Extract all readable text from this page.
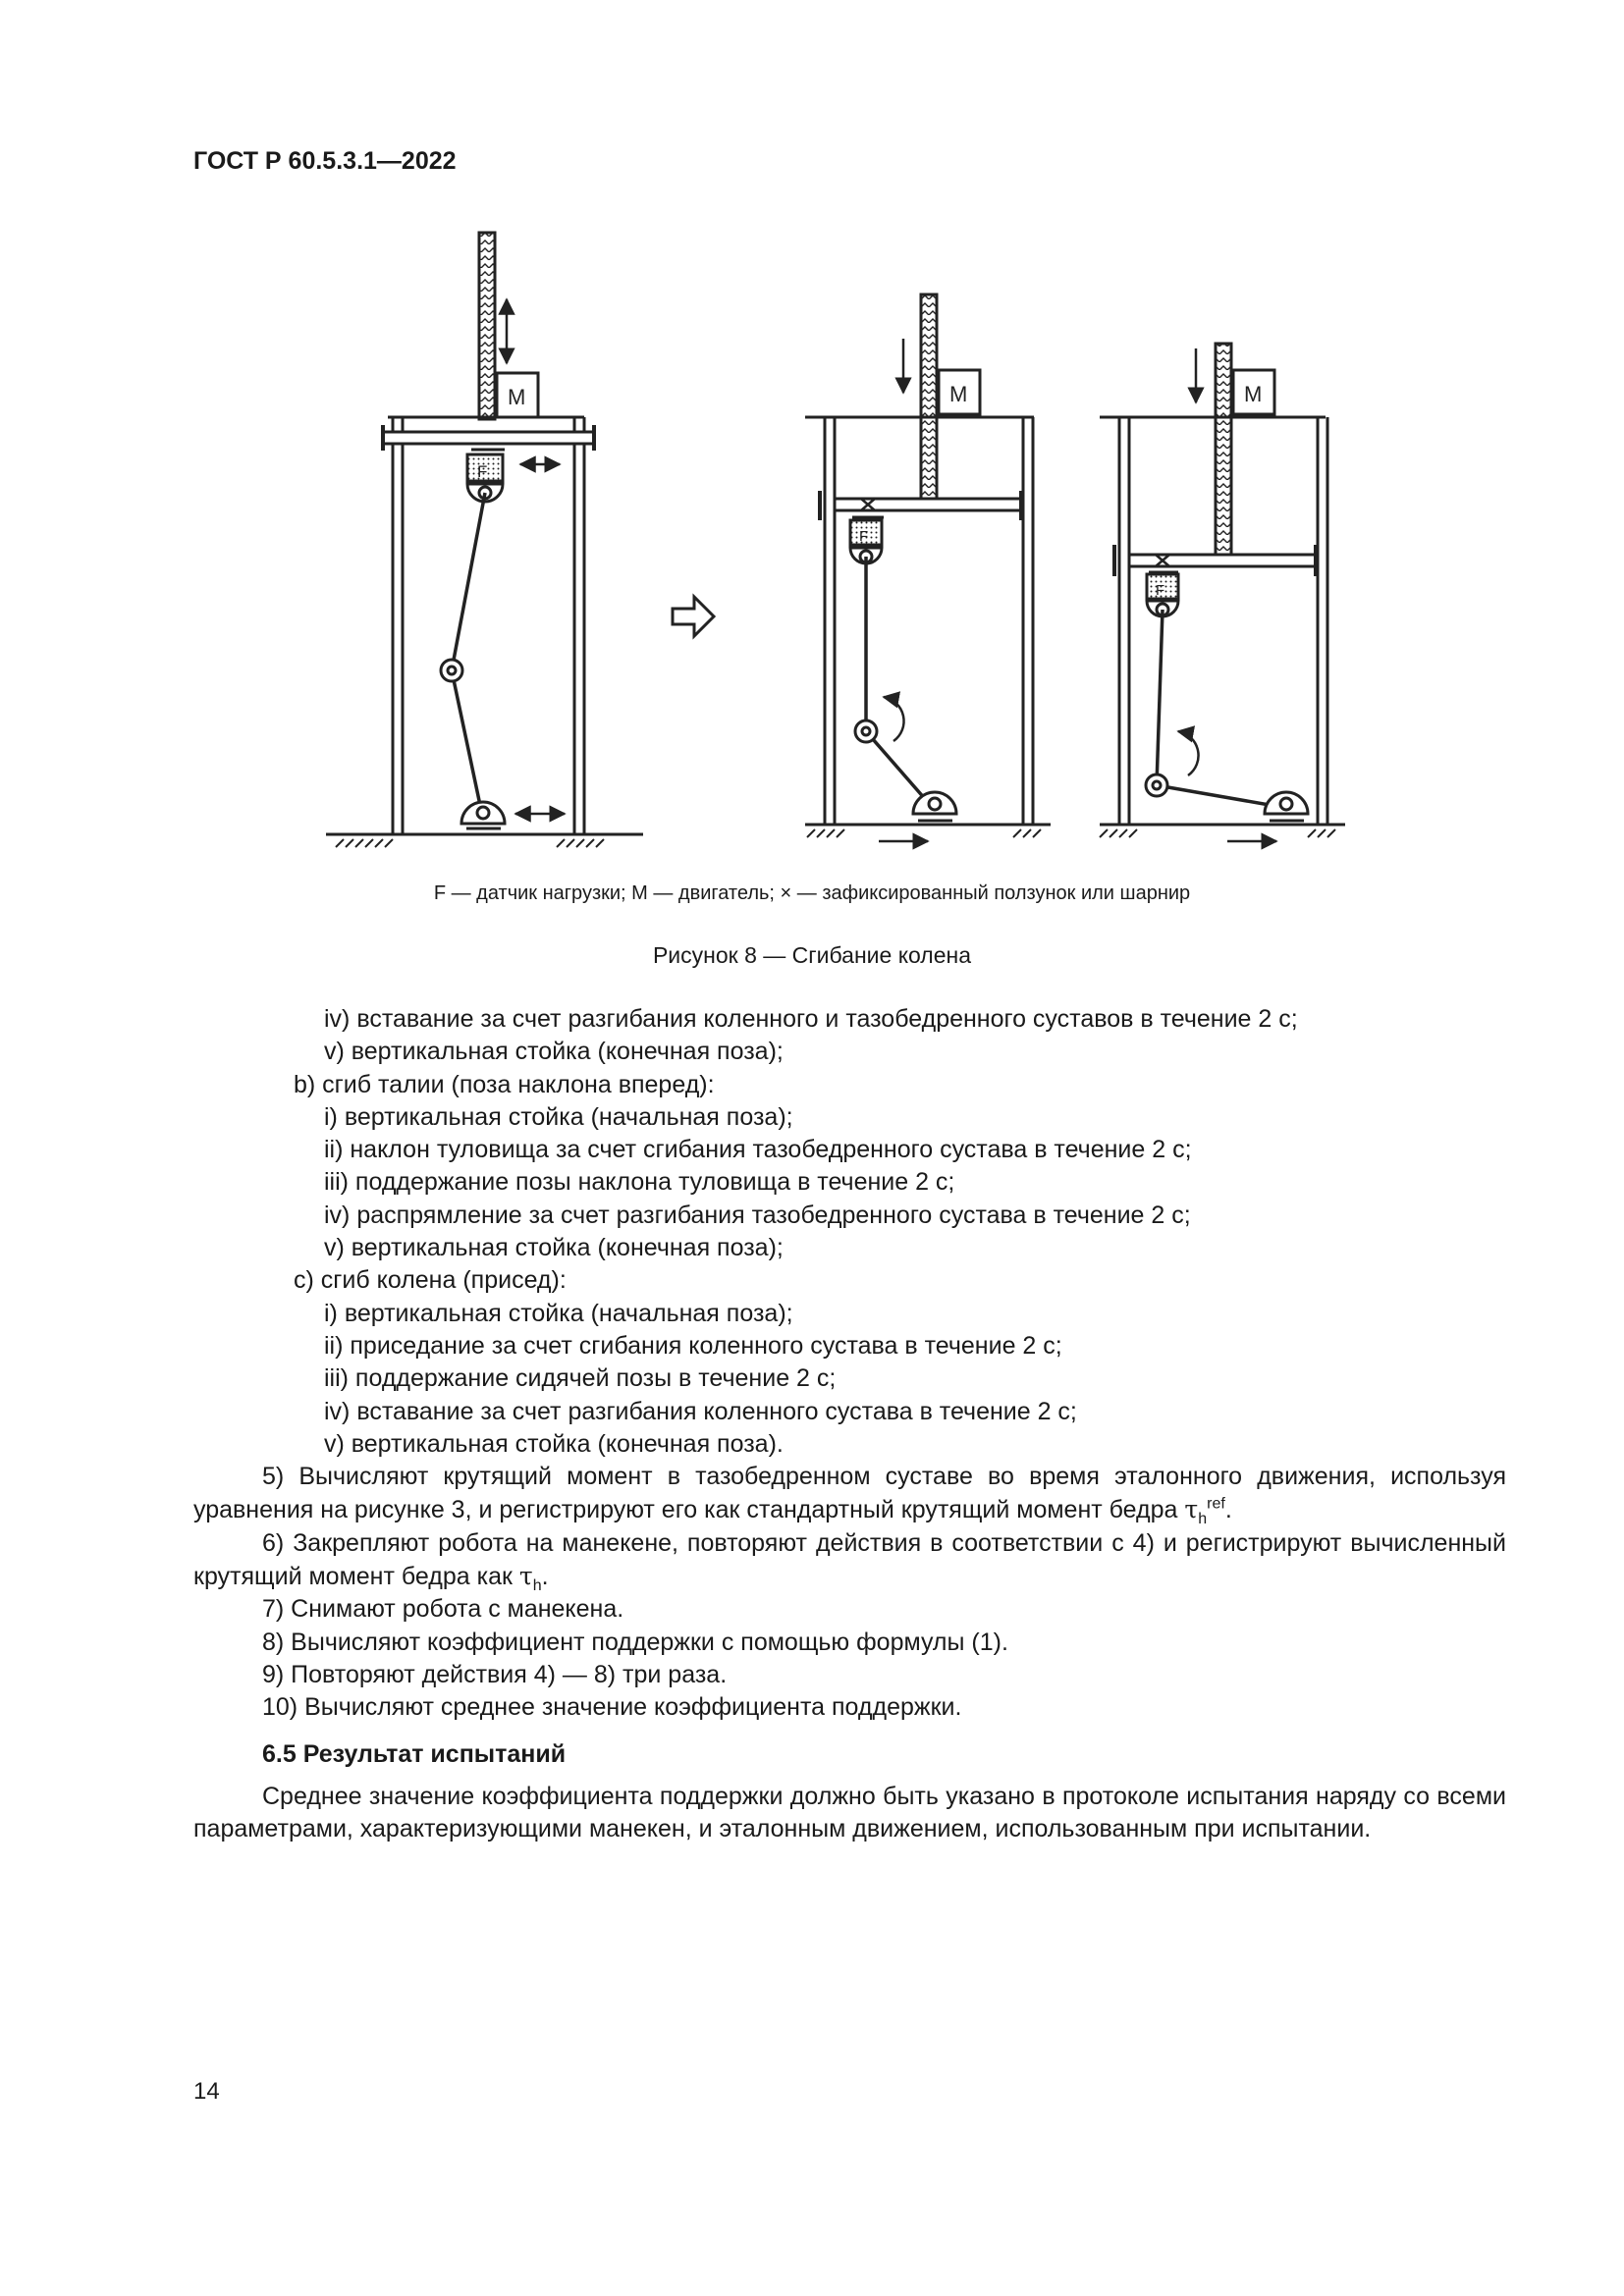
ГОСТ Р 60.5.3.1—2022
M
F
M
F
M
F
F — датчик нагрузки; M — двигатель; × — зафиксированный ползунок или шарнир
Рисунок 8 — Сгибание колена
iv) вставание за счет разгибания коленного и тазобедренного суставов в течение 2 с;
v) вертикальная стойка (конечная поза);
b) сгиб талии (поза наклона вперед):
i) вертикальная стойка (начальная поза);
ii) наклон туловища за счет сгибания тазобедренного сустава в течение 2 с;
iii) поддержание позы наклона туловища в течение 2 с;
iv) распрямление за счет разгибания тазобедренного сустава в течение 2 с;
v) вертикальная стойка (конечная поза);
c) сгиб колена (присед):
i) вертикальная стойка (начальная поза);
ii) приседание за счет сгибания коленного сустава в течение 2 с;
iii) поддержание сидячей позы в течение 2 с;
iv) вставание за счет разгибания коленного сустава в течение 2 с;
v) вертикальная стойка (конечная поза).
5) Вычисляют крутящий момент в тазобедренном суставе во время эталонного движения, используя уравнения на рисунке 3, и регистрируют его как стандартный крутящий момент бедра $\tau_h^{ref}$.
6) Закрепляют робота на манекене, повторяют действия в соответствии с 4) и регистрируют вычисленный крутящий момент бедра как $\tau_h$.
7) Снимают робота с манекена.
8) Вычисляют коэффициент поддержки с помощью формулы (1).
9) Повторяют действия 4) — 8) три раза.
10) Вычисляют среднее значение коэффициента поддержки.
6.5 Результат испытаний
Среднее значение коэффициента поддержки должно быть указано в протоколе испытания наряду со всеми параметрами, характеризующими манекен, и эталонным движением, использованным при испытании.
14
